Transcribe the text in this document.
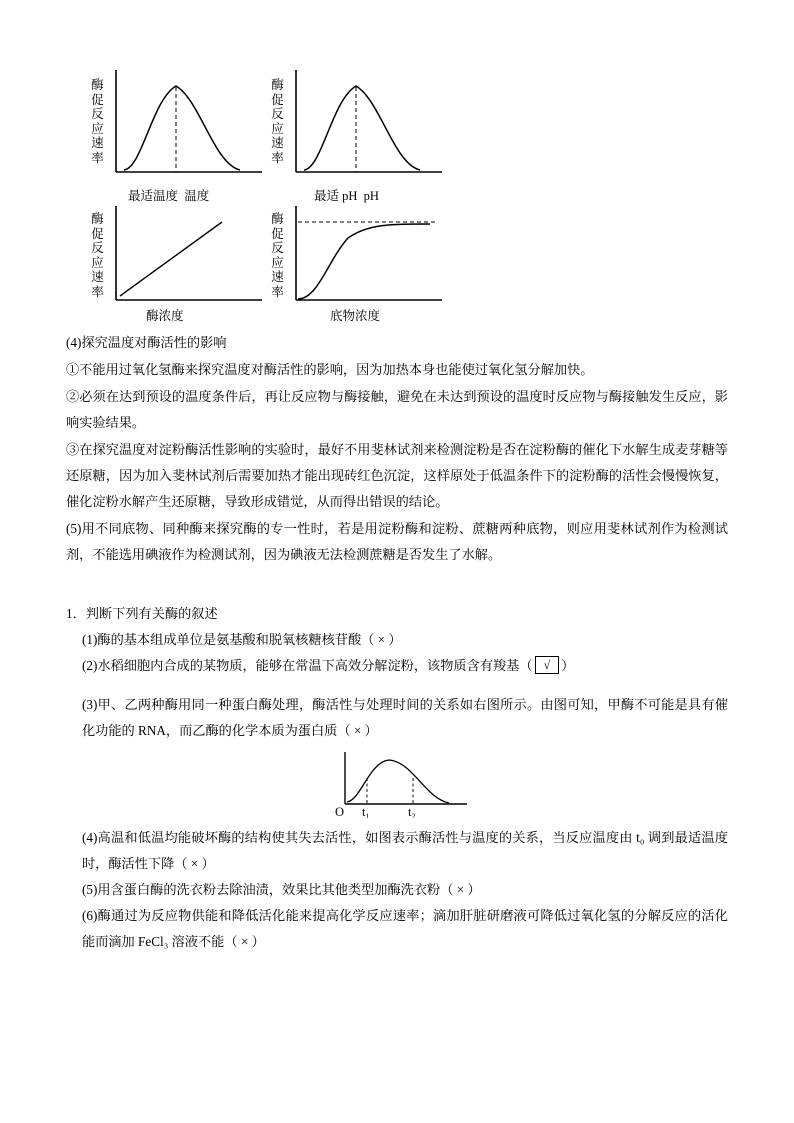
酶
促
反
应
速
率
最适温度 温度
酶
促
反
应
速
率
最适 pH pH
酶
促
反
应
速
率
酶浓度
酶
促
反
应
速
率
底物浓度
(4)探究温度对酶活性的影响
①不能用过氧化氢酶来探究温度对酶活性的影响，因为加热本身也能使过氧化氢分解加快。
②必须在达到预设的温度条件后，再让反应物与酶接触，避免在未达到预设的温度时反应物与酶接触发生反应，影响实验结果。
③在探究温度对淀粉酶活性影响的实验时，最好不用斐林试剂来检测淀粉是否在淀粉酶的催化下水解生成麦芽糖等还原糖，因为加入斐林试剂后需要加热才能出现砖红色沉淀，这样原处于低温条件下的淀粉酶的活性会慢慢恢复，催化淀粉水解产生还原糖，导致形成错觉，从而得出错误的结论。
(5)用不同底物、同种酶来探究酶的专一性时，若是用淀粉酶和淀粉、蔗糖两种底物，则应用斐林试剂作为检测试剂，不能选用碘液作为检测试剂，因为碘液无法检测蔗糖是否发生了水解。
1．判断下列有关酶的叙述
(1)酶的基本组成单位是氨基酸和脱氧核糖核苷酸（ × ）
(2)水稻细胞内合成的某物质，能够在常温下高效分解淀粉，该物质含有羧基（ √ ）
(3)甲、乙两种酶用同一种蛋白酶处理，酶活性与处理时间的关系如右图所示。由图可知，甲酶不可能是具有催化功能的 RNA，而乙酶的化学本质为蛋白质（ × ）
O t₁	t₂
(4)高温和低温均能破坏酶的结构使其失去活性，如图表示酶活性与温度的关系，当反应温度由 t₀ 调到最适温度时，酶活性下降（ × ）
(5)用含蛋白酶的洗衣粉去除油渍，效果比其他类型加酶洗衣粉（ × ）
(6)酶通过为反应物供能和降低活化能来提高化学反应速率；滴加肝脏研磨液可降低过氧化氢的分解反应的活化能而滴加 FeCl₃ 溶液不能（ × ）
